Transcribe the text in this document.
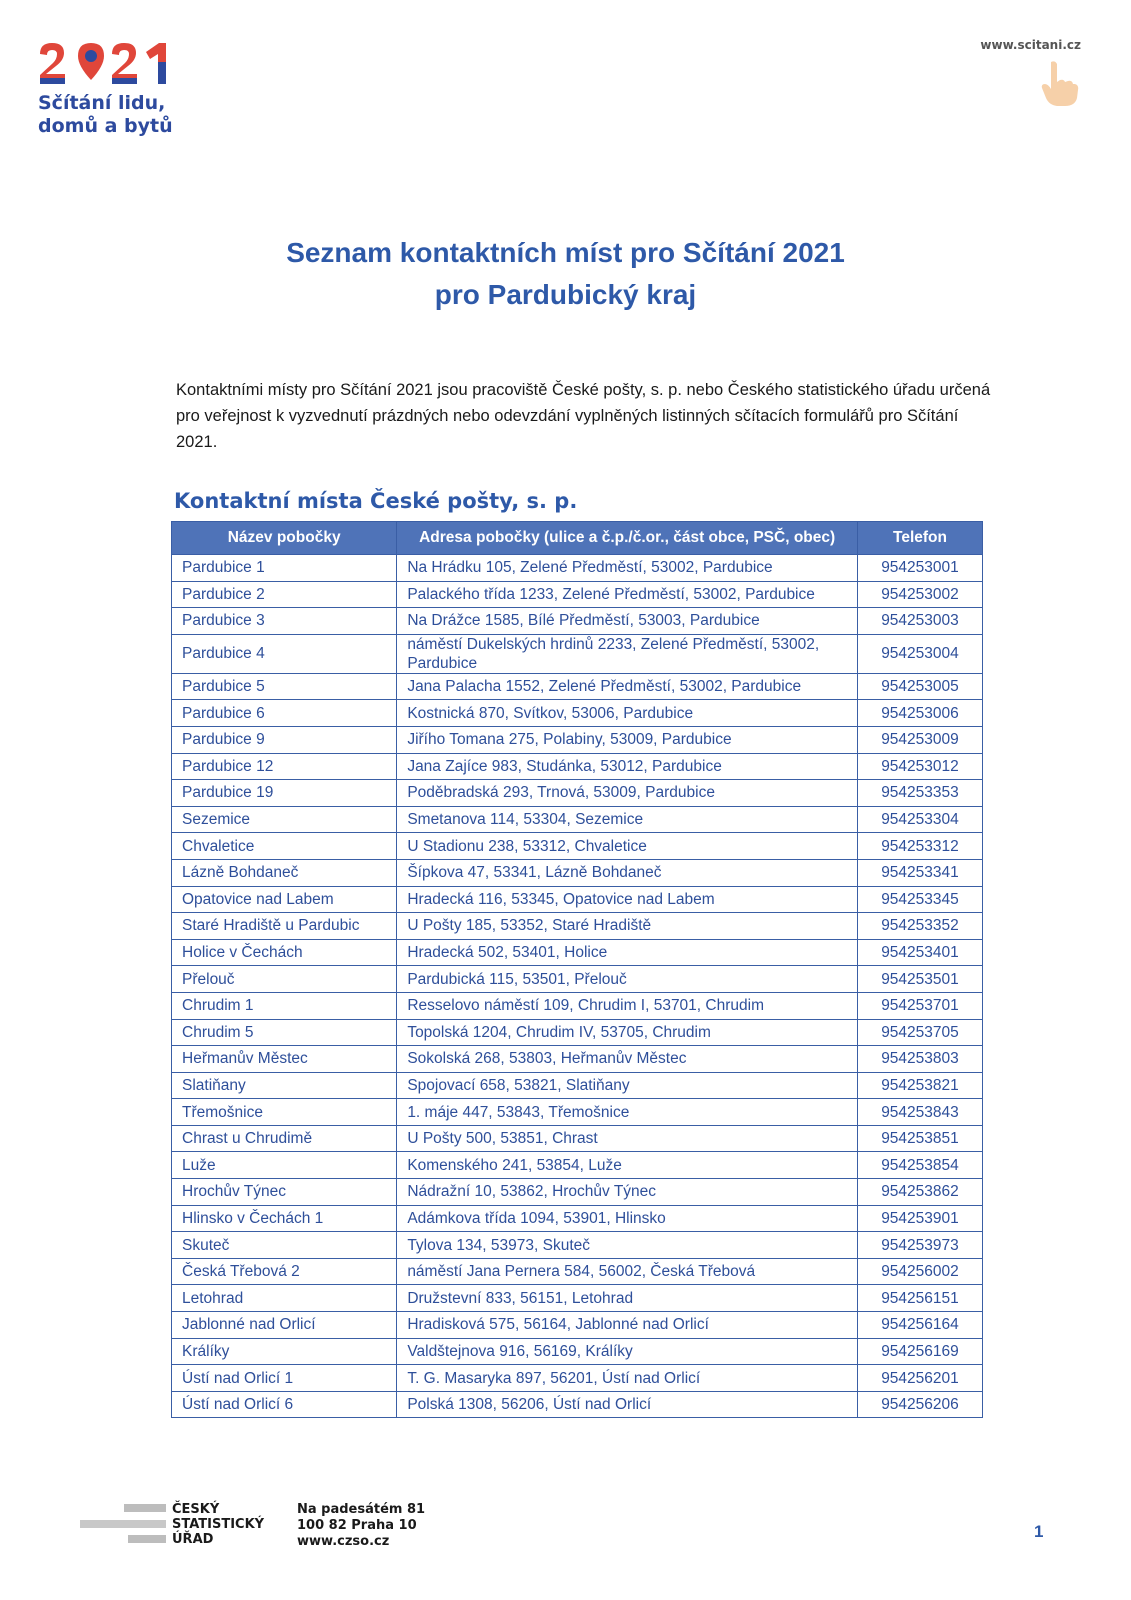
Sčítání lidu,
domů a bytů
www.scitani.cz
Seznam kontaktních míst pro Sčítání 2021
pro Pardubický kraj
Kontaktními místy pro Sčítání 2021 jsou pracoviště České pošty, s. p. nebo Českého statistického úřadu určená pro veřejnost k vyzvednutí prázdných nebo odevzdání vyplněných listinných sčítacích formulářů pro Sčítání 2021.
Kontaktní místa České pošty, s. p.
Název pobočky	Adresa pobočky (ulice a č.p./č.or., část obce, PSČ, obec)	Telefon
Pardubice 1	Na Hrádku 105, Zelené Předměstí, 53002, Pardubice	954253001
Pardubice 2	Palackého třída 1233, Zelené Předměstí, 53002, Pardubice	954253002
Pardubice 3	Na Drážce 1585, Bílé Předměstí, 53003, Pardubice	954253003
Pardubice 4	náměstí Dukelských hrdinů 2233, Zelené Předměstí, 53002, Pardubice	954253004
Pardubice 5	Jana Palacha 1552, Zelené Předměstí, 53002, Pardubice	954253005
Pardubice 6	Kostnická 870, Svítkov, 53006, Pardubice	954253006
Pardubice 9	Jiřího Tomana 275, Polabiny, 53009, Pardubice	954253009
Pardubice 12	Jana Zajíce 983, Studánka, 53012, Pardubice	954253012
Pardubice 19	Poděbradská 293, Trnová, 53009, Pardubice	954253353
Sezemice	Smetanova 114, 53304, Sezemice	954253304
Chvaletice	U Stadionu 238, 53312, Chvaletice	954253312
Lázně Bohdaneč	Šípkova 47, 53341, Lázně Bohdaneč	954253341
Opatovice nad Labem	Hradecká 116, 53345, Opatovice nad Labem	954253345
Staré Hradiště u Pardubic	U Pošty 185, 53352, Staré Hradiště	954253352
Holice v Čechách	Hradecká 502, 53401, Holice	954253401
Přelouč	Pardubická 115, 53501, Přelouč	954253501
Chrudim 1	Resselovo náměstí 109, Chrudim I, 53701, Chrudim	954253701
Chrudim 5	Topolská 1204, Chrudim IV, 53705, Chrudim	954253705
Heřmanův Městec	Sokolská 268, 53803, Heřmanův Městec	954253803
Slatiňany	Spojovací 658, 53821, Slatiňany	954253821
Třemošnice	1. máje 447, 53843, Třemošnice	954253843
Chrast u Chrudimě	U Pošty 500, 53851, Chrast	954253851
Luže	Komenského 241, 53854, Luže	954253854
Hrochův Týnec	Nádražní 10, 53862, Hrochův Týnec	954253862
Hlinsko v Čechách 1	Adámkova třída 1094, 53901, Hlinsko	954253901
Skuteč	Tylova 134, 53973, Skuteč	954253973
Česká Třebová 2	náměstí Jana Pernera 584, 56002, Česká Třebová	954256002
Letohrad	Družstevní 833, 56151, Letohrad	954256151
Jablonné nad Orlicí	Hradisková 575, 56164, Jablonné nad Orlicí	954256164
Králíky	Valdštejnova 916, 56169, Králíky	954256169
Ústí nad Orlicí 1	T. G. Masaryka 897, 56201, Ústí nad Orlicí	954256201
Ústí nad Orlicí 6	Polská 1308, 56206, Ústí nad Orlicí	954256206
ČESKÝ
STATISTICKÝ
ÚŘAD
Na padesátém 81
100 82 Praha 10
www.czso.cz
1
